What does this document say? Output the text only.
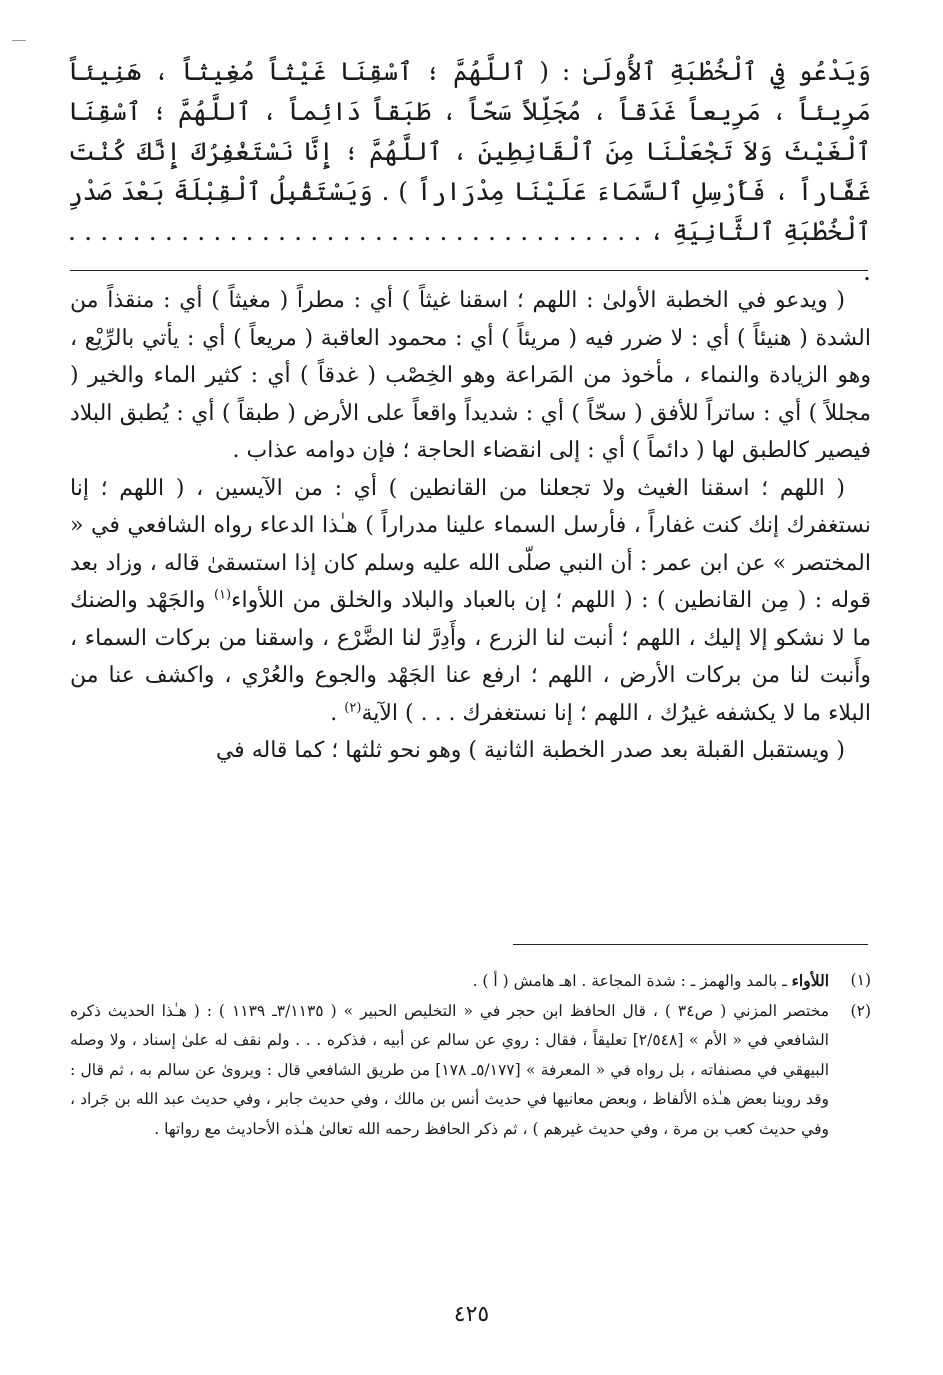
وَيَدْعُو فِي ٱلْخُطْبَةِ ٱلأُولَىٰ : ( ٱللَّهُمَّ ؛ ٱسْقِنَا غَيْثاً مُغِيثاً ، هَنِيئاً مَرِيئاً ، مَرِيعاً غَدَقاً ، مُجَلِّلاً سَحّاً ، طَبَقاً دَائِماً ، ٱللَّهُمَّ ؛ ٱسْقِنَا ٱلْغَيْثَ وَلاَ تَجْعَلْنَا مِنَ ٱلْقَانِطِينَ ، ٱللَّهُمَّ ؛ إِنَّا نَسْتَغْفِرُكَ إِنَّكَ كُنْتَ غَفَّاراً ، فَأَرْسِلِ ٱلسَّمَاءَ عَلَيْنَا مِدْرَاراً ) . وَيَسْتَقْبِلُ ٱلْقِبْلَةَ بَعْدَ صَدْرِ ٱلْخُطْبَةِ ٱلثَّانِيَةِ ، . . . . . . . . . . . . . . . . . . . . . . . . . . . . . . . . . . . . .

( ويدعو في الخطبة الأولىٰ : اللهم ؛ اسقنا غيثاً ) أي : مطراً ( مغيثاً ) أي : منقذاً من الشدة ( هنيئاً ) أي : لا ضرر فيه ( مريئاً ) أي : محمود العاقبة ( مريعاً ) أي : يأتي بالرِّيْع ، وهو الزيادة والنماء ، مأخوذ من المَراعة وهو الخِصْب ( غدقاً ) أي : كثير الماء والخير ( مجللاً ) أي : ساتراً للأفق ( سحّاً ) أي : شديداً واقعاً على الأرض ( طبقاً ) أي : يُطبق البلاد فيصير كالطبق لها ( دائماً ) أي : إلى انقضاء الحاجة ؛ فإن دوامه عذاب .

( اللهم ؛ اسقنا الغيث ولا تجعلنا من القانطين ) أي : من الآيسين ، ( اللهم ؛ إنا نستغفرك إنك كنت غفاراً ، فأرسل السماء علينا مدراراً ) هـٰذا الدعاء رواه الشافعي في « المختصر » عن ابن عمر : أن النبي صلّى الله عليه وسلم كان إذا استسقىٰ قاله ، وزاد بعد قوله : ( مِن القانطين ) : ( اللهم ؛ إن بالعباد والبلاد والخلق من اللأواء$^{(١)}$ والجَهْد والضنك ما لا نشكو إلا إليك ، اللهم ؛ أنبت لنا الزرع ، وأَدِرَّ لنا الضَّرْع ، واسقنا من بركات السماء ، وأَنبت لنا من بركات الأرض ، اللهم ؛ ارفع عنا الجَهْد والجوع والعُرْي ، واكشف عنا من البلاء ما لا يكشفه غيرُك ، اللهم ؛ إنا نستغفرك . . . ) الآية$^{(٢)}$ .

( ويستقبل القبلة بعد صدر الخطبة الثانية ) وهو نحو ثلثها ؛ كما قاله في

(١)
اللأواء ـ بالمد والهمز ـ : شدة المجاعة . اهـ هامش ( أ ) .
(٢)
مختصر المزني ( ص٣٤ ) ، قال الحافظ ابن حجر في « التخليص الحبير » ( ٣/١١٣٥ـ ١١٣٩ ) : ( هـٰذا الحديث ذكره الشافعي في « الأم » [٢/٥٤٨] تعليقاً ، فقال : روي عن سالم عن أبيه ، فذكره . . . ولم نقف له علىٰ إسناد ، ولا وصله البيهقي في مصنفاته ، بل رواه في « المعرفة » [٥/١٧٧ـ ١٧٨] من طريق الشافعي قال : ويروىٰ عن سالم به ، ثم قال : وقد روينا بعض هـٰذه الألفاظ ، وبعض معانيها في حديث أنس بن مالك ، وفي حديث جابر ، وفي حديث عبد الله بن جَراد ، وفي حديث كعب بن مرة ، وفي حديث غيرهم ) ، ثم ذكر الحافظ رحمه الله تعالىٰ هـٰذه الأحاديث مع رواتها .
٤٢٥
